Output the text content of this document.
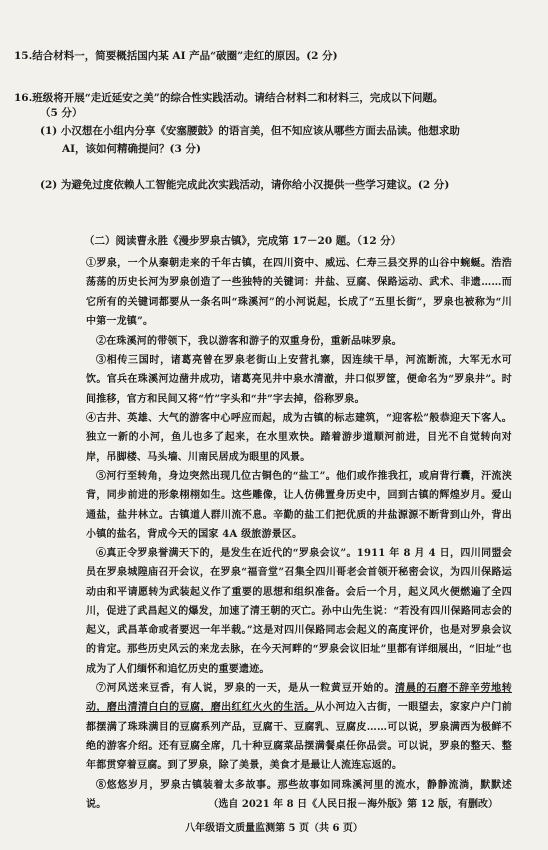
15.结合材料一，简要概括国内某 AI 产品“破圈”走红的原因。(2 分)
16.班级将开展“走近延安之美”的综合性实践活动。请结合材料二和材料三，完成以下问题。
（5 分）
(1) 小汉想在小组内分享《安塞腰鼓》的语言美，但不知应该从哪些方面去品读。他想求助
AI，该如何精确提问？(3 分)
(2) 为避免过度依赖人工智能完成此次实践活动，请你给小汉提供一些学习建议。(2 分)
（二）阅读曹永胜《漫步罗泉古镇》，完成第 17－20 题。（12 分）
①罗泉，一个从秦朝走来的千年古镇，在四川资中、威远、仁寿三县交界的山谷中蜿蜒。浩浩荡荡的历史长河为罗泉创造了一些独特的关键词：井盐、豆腐、保路运动、武术、非遗……而它所有的关键词都要从一条名叫“珠溪河”的小河说起，长成了“五里长街”，罗泉也被称为“川中第一龙镇”。
②在珠溪河的带领下，我以游客和游子的双重身份，重新品味罗泉。
③相传三国时，诸葛亮曾在罗泉老街山上安营扎寨，因连续干旱，河流断流，大军无水可饮。官兵在珠溪河边凿井成功，诸葛亮见井中泉水清澈，井口似罗筐，便命名为“罗泉井”。时间推移，官方和民间又将“竹”字头和“井”字去掉，俗称罗泉。
④古井、英雄、大气的游客中心呼应而起，成为古镇的标志建筑，“迎客松”般恭迎天下客人。独立一新的小河，鱼儿也多了起来，在水里欢快。踏着游步道顺河前进，目光不自觉转向对岸，吊脚楼、马头墙、川南民居成为眼里的风景。
⑤河行至转角，身边突然出现几位古铜色的“盐工”。他们或作推我扛，或肩背行囊，汗流浃背，同步前进的形象栩栩如生。这些雕像，让人仿佛置身历史中，回到古镇的辉煌岁月。爱山通盐，盐井林立。古镇道人群川流不息。辛勤的盐工们把优质的井盐源源不断背到山外，背出小镇的盐名，背成今天的国家 4A 级旅游景区。
⑥真正令罗泉誉满天下的，是发生在近代的“罗泉会议”。1911 年 8 月 4 日，四川同盟会员在罗泉城隍庙召开会议，在罗泉“福音堂”召集全四川哥老会首领开秘密会议，为四川保路运动由和平请愿转为武装起义作了重要的思想和组织准备。会后一个月，起义风火便燃遍了全四川，促进了武昌起义的爆发，加速了清王朝的灭亡。孙中山先生说：“若没有四川保路同志会的起义，武昌革命或者要迟一年半载。”这是对四川保路同志会起义的高度评价，也是对罗泉会议的肯定。那些历史风云的来龙去脉，在今天河畔的“罗泉会议旧址”里都有详细展出，“旧址”也成为了人们缅怀和追忆历史的重要遗迹。
⑦河风送来豆香，有人说，罗泉的一天，是从一粒黄豆开始的。清晨的石磨不辞辛劳地转动，磨出清清白白的豆腐，磨出红红火火的生活。从小河边入古街，一眼望去，家家户户门前都摆满了珠珠满目的豆腐系列产品，豆腐干、豆腐乳、豆腐皮……可以说，罗泉满西为极鲜不绝的游客介绍。还有豆腐全席，几十种豆腐菜品摆满餐桌任你品尝。可以说，罗泉的整天、整年都贯穿着豆腐。到了罗泉，除了美景，美食才是最让人流连忘返的。
⑧悠悠岁月，罗泉古镇装着太多故事。那些故事如同珠溪河里的流水，静静流淌，默默述说。	（选自 2021 年 8 日《人民日报－海外版》第 12 版，有删改）
八年级语文质量监测第 5 页（共 6 页）
